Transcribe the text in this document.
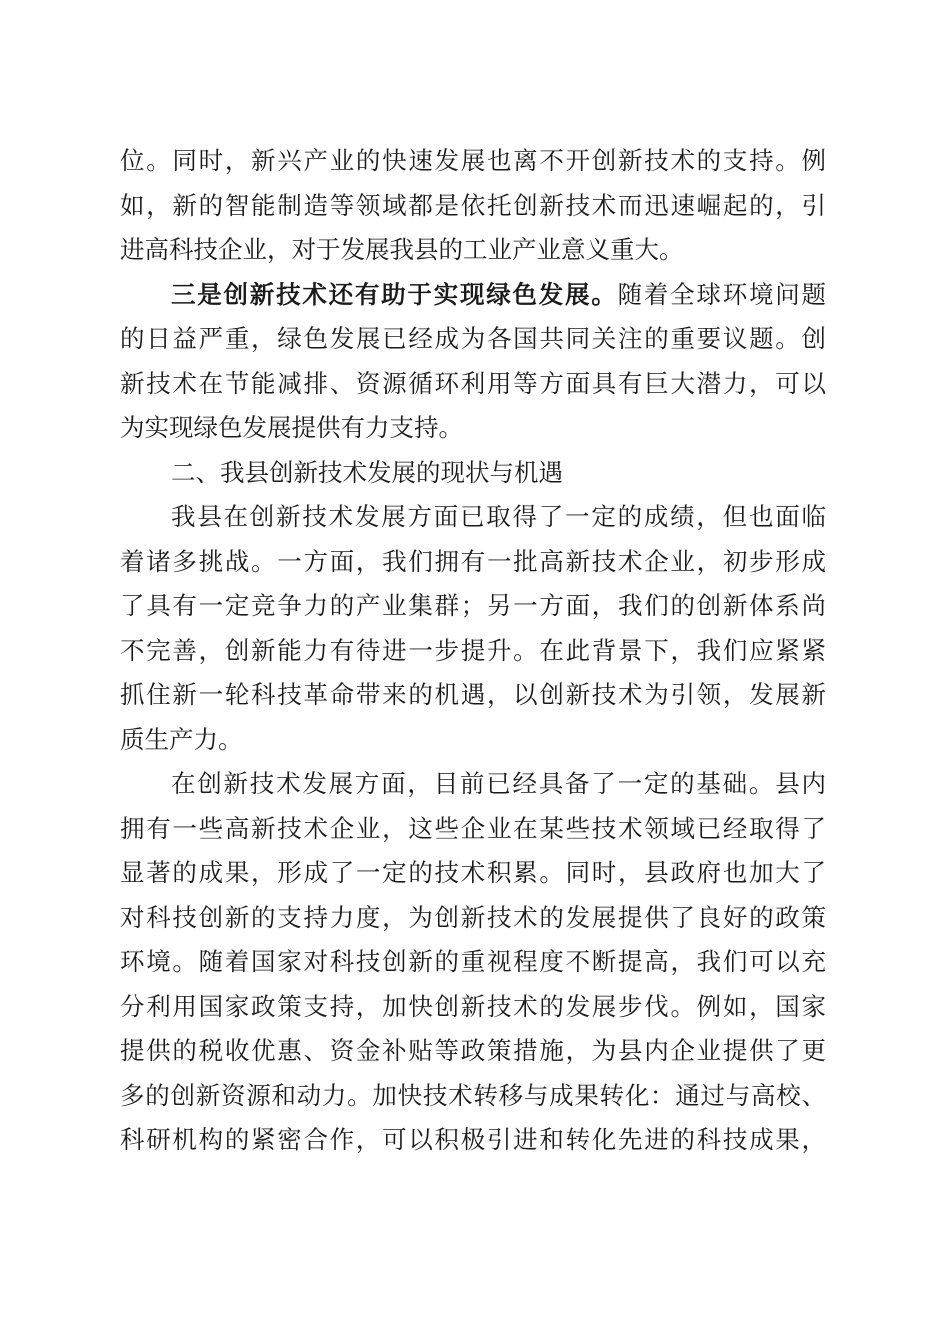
位。同时，新兴产业的快速发展也离不开创新技术的支持。例
如，新的智能制造等领域都是依托创新技术而迅速崛起的，引
进高科技企业，对于发展我县的工业产业意义重大。
三是创新技术还有助于实现绿色发展。随着全球环境问题
的日益严重，绿色发展已经成为各国共同关注的重要议题。创
新技术在节能减排、资源循环利用等方面具有巨大潜力，可以
为实现绿色发展提供有力支持。
二、我县创新技术发展的现状与机遇
我县在创新技术发展方面已取得了一定的成绩，但也面临
着诸多挑战。一方面，我们拥有一批高新技术企业，初步形成
了具有一定竞争力的产业集群；另一方面，我们的创新体系尚
不完善，创新能力有待进一步提升。在此背景下，我们应紧紧
抓住新一轮科技革命带来的机遇，以创新技术为引领，发展新
质生产力。
在创新技术发展方面，目前已经具备了一定的基础。县内
拥有一些高新技术企业，这些企业在某些技术领域已经取得了
显著的成果，形成了一定的技术积累。同时，县政府也加大了
对科技创新的支持力度，为创新技术的发展提供了良好的政策
环境。随着国家对科技创新的重视程度不断提高，我们可以充
分利用国家政策支持，加快创新技术的发展步伐。例如，国家
提供的税收优惠、资金补贴等政策措施，为县内企业提供了更
多的创新资源和动力。加快技术转移与成果转化：通过与高校、
科研机构的紧密合作，可以积极引进和转化先进的科技成果，
